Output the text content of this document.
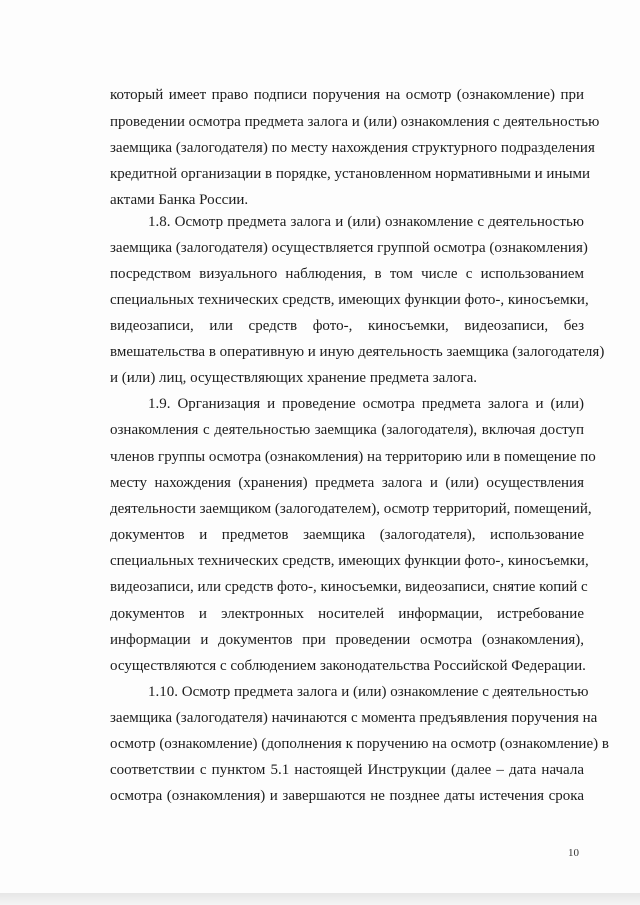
который имеет право подписи поручения на осмотр (ознакомление) при
проведении осмотра предмета залога и (или) ознакомления с деятельностью
заемщика (залогодателя) по месту нахождения структурного подразделения
кредитной организации в порядке, установленном нормативными и иными
актами Банка России.
1.8. Осмотр предмета залога и (или) ознакомление с деятельностью
заемщика (залогодателя) осуществляется группой осмотра (ознакомления)
посредством визуального наблюдения, в том числе с использованием
специальных технических средств, имеющих функции фото-, киносъемки,
видеозаписи, или средств фото-, киносъемки, видеозаписи, без
вмешательства в оперативную и иную деятельность заемщика (залогодателя)
и (или) лиц, осуществляющих хранение предмета залога.
1.9. Организация и проведение осмотра предмета залога и (или)
ознакомления с деятельностью заемщика (залогодателя), включая доступ
членов группы осмотра (ознакомления) на территорию или в помещение по
месту нахождения (хранения) предмета залога и (или) осуществления
деятельности заемщиком (залогодателем), осмотр территорий, помещений,
документов и предметов заемщика (залогодателя), использование
специальных технических средств, имеющих функции фото-, киносъемки,
видеозаписи, или средств фото-, киносъемки, видеозаписи, снятие копий с
документов и электронных носителей информации, истребование
информации и документов при проведении осмотра (ознакомления),
осуществляются с соблюдением законодательства Российской Федерации.
1.10. Осмотр предмета залога и (или) ознакомление с деятельностью
заемщика (залогодателя) начинаются с момента предъявления поручения на
осмотр (ознакомление) (дополнения к поручению на осмотр (ознакомление) в
соответствии с пунктом 5.1 настоящей Инструкции (далее – дата начала
осмотра (ознакомления) и завершаются не позднее даты истечения срока
10
